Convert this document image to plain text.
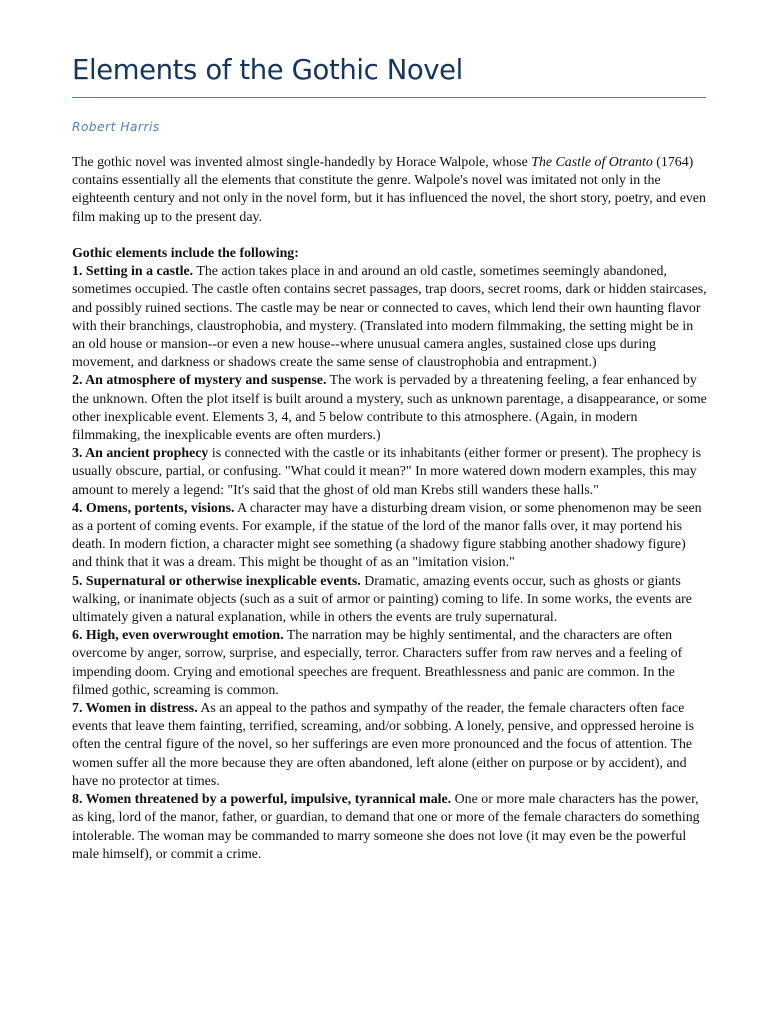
Elements of the Gothic Novel
Robert Harris

The gothic novel was invented almost single-handedly by Horace Walpole, whose The Castle of Otranto (1764) contains essentially all the elements that constitute the genre. Walpole's novel was imitated not only in the eighteenth century and not only in the novel form, but it has influenced the novel, the short story, poetry, and even film making up to the present day.

Gothic elements include the following:

1. Setting in a castle. The action takes place in and around an old castle, sometimes seemingly abandoned, sometimes occupied. The castle often contains secret passages, trap doors, secret rooms, dark or hidden staircases, and possibly ruined sections. The castle may be near or connected to caves, which lend their own haunting flavor with their branchings, claustrophobia, and mystery. (Translated into modern filmmaking, the setting might be in an old house or mansion--or even a new house--where unusual camera angles, sustained close ups during movement, and darkness or shadows create the same sense of claustrophobia and entrapment.)

2. An atmosphere of mystery and suspense. The work is pervaded by a threatening feeling, a fear enhanced by the unknown. Often the plot itself is built around a mystery, such as unknown parentage, a disappearance, or some other inexplicable event. Elements 3, 4, and 5 below contribute to this atmosphere. (Again, in modern filmmaking, the inexplicable events are often murders.)

3. An ancient prophecy is connected with the castle or its inhabitants (either former or present). The prophecy is usually obscure, partial, or confusing. "What could it mean?" In more watered down modern examples, this may amount to merely a legend: "It's said that the ghost of old man Krebs still wanders these halls."

4. Omens, portents, visions. A character may have a disturbing dream vision, or some phenomenon may be seen as a portent of coming events. For example, if the statue of the lord of the manor falls over, it may portend his death. In modern fiction, a character might see something (a shadowy figure stabbing another shadowy figure) and think that it was a dream. This might be thought of as an "imitation vision."

5. Supernatural or otherwise inexplicable events. Dramatic, amazing events occur, such as ghosts or giants walking, or inanimate objects (such as a suit of armor or painting) coming to life. In some works, the events are ultimately given a natural explanation, while in others the events are truly supernatural.

6. High, even overwrought emotion. The narration may be highly sentimental, and the characters are often overcome by anger, sorrow, surprise, and especially, terror. Characters suffer from raw nerves and a feeling of impending doom. Crying and emotional speeches are frequent. Breathlessness and panic are common. In the filmed gothic, screaming is common.

7. Women in distress. As an appeal to the pathos and sympathy of the reader, the female characters often face events that leave them fainting, terrified, screaming, and/or sobbing. A lonely, pensive, and oppressed heroine is often the central figure of the novel, so her sufferings are even more pronounced and the focus of attention. The women suffer all the more because they are often abandoned, left alone (either on purpose or by accident), and have no protector at times.

8. Women threatened by a powerful, impulsive, tyrannical male. One or more male characters has the power, as king, lord of the manor, father, or guardian, to demand that one or more of the female characters do something intolerable. The woman may be commanded to marry someone she does not love (it may even be the powerful male himself), or commit a crime.
